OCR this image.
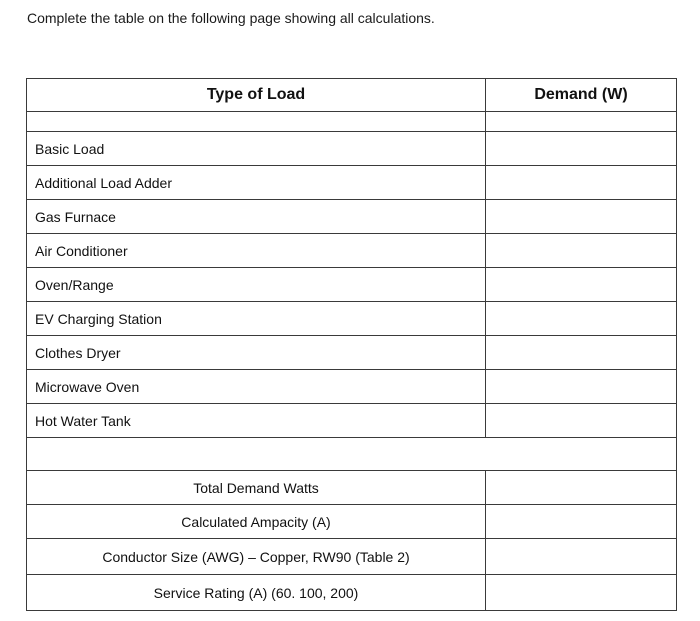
Complete the table on the following page showing all calculations.
Type of Load	Demand (W)

Basic Load	
Additional Load Adder	
Gas Furnace	
Air Conditioner	
Oven/Range	
EV Charging Station	
Clothes Dryer	
Microwave Oven	
Hot Water Tank	

Total Demand Watts	
Calculated Ampacity (A)	
Conductor Size (AWG) – Copper, RW90 (Table 2)	
Service Rating (A) (60. 100, 200)	
